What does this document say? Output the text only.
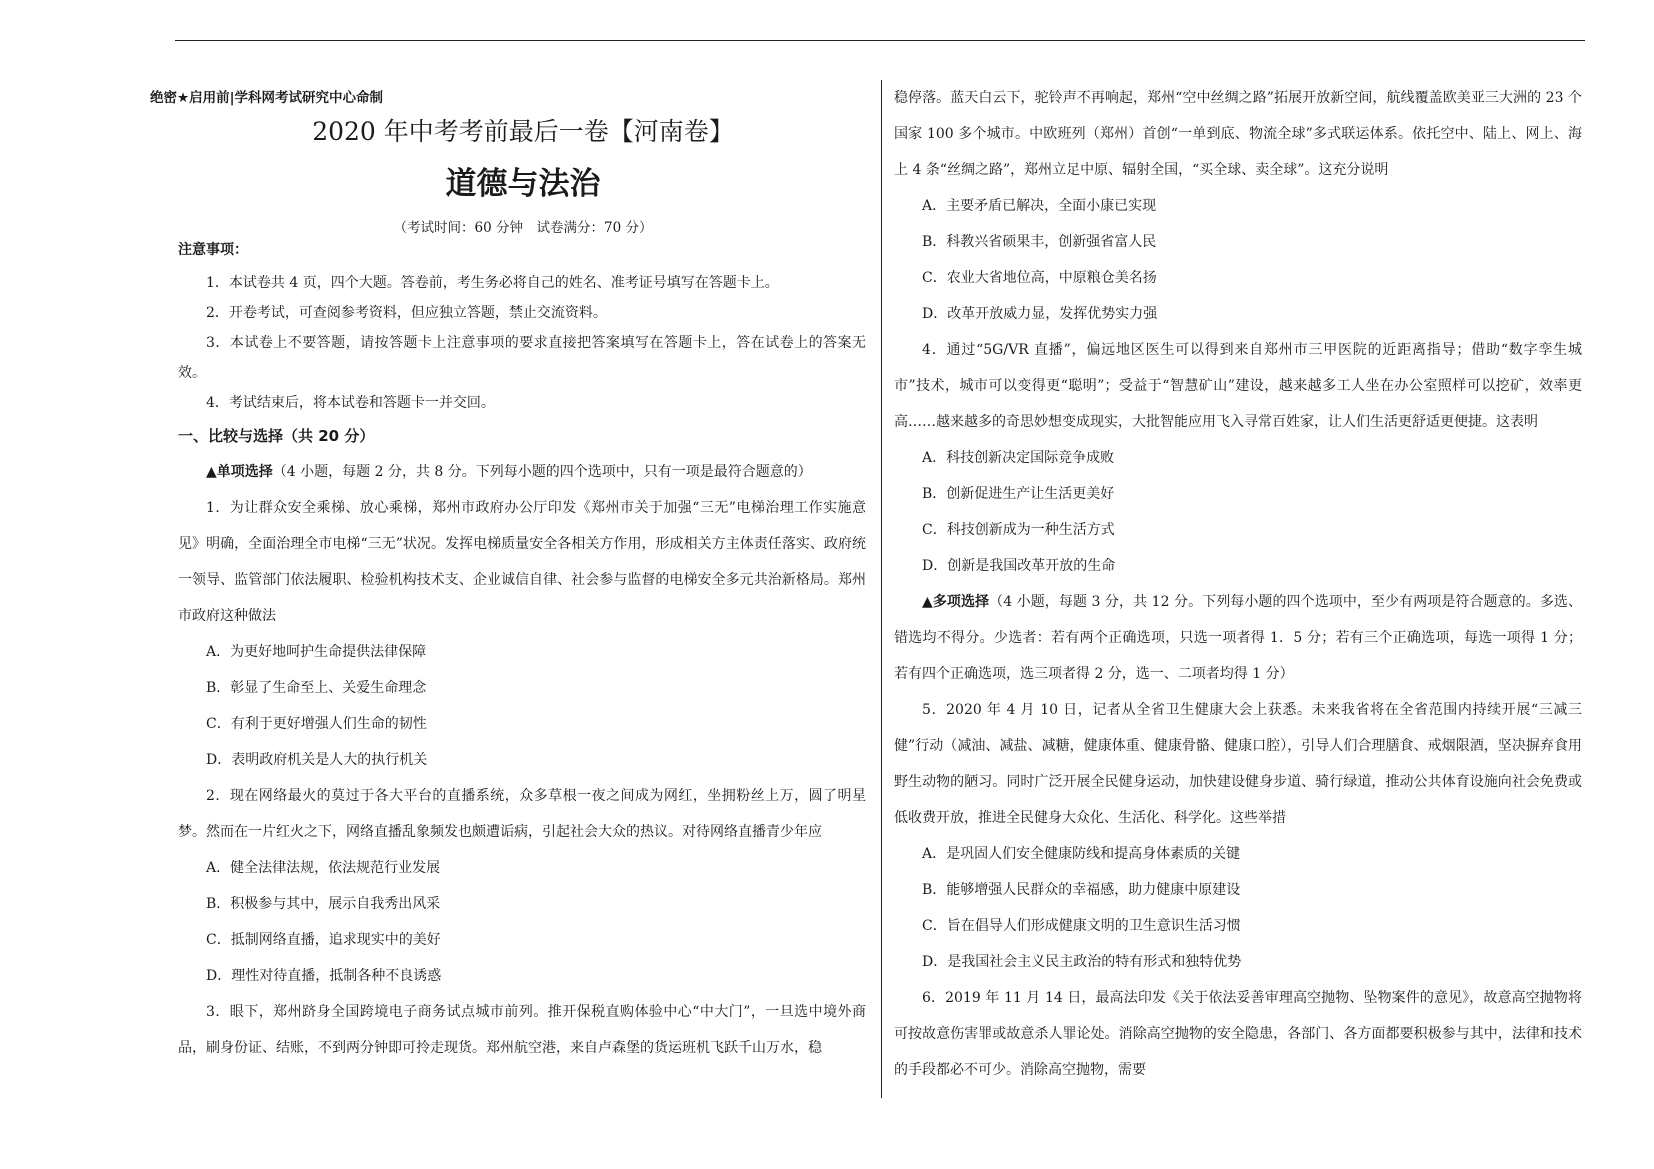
绝密★启用前|学科网考试研究中心命制
2020 年中考考前最后一卷【河南卷】
道德与法治
（考试时间：60 分钟　试卷满分：70 分）

注意事项：

1．本试卷共 4 页，四个大题。答卷前，考生务必将自己的姓名、准考证号填写在答题卡上。

2．开卷考试，可查阅参考资料，但应独立答题，禁止交流资料。

3．本试卷上不要答题，请按答题卡上注意事项的要求直接把答案填写在答题卡上，答在试卷上的答案无效。

4．考试结束后，将本试卷和答题卡一并交回。

一、比较与选择（共 20 分）

▲单项选择（4 小题，每题 2 分，共 8 分。下列每小题的四个选项中，只有一项是最符合题意的）

1．为让群众安全乘梯、放心乘梯，郑州市政府办公厅印发《郑州市关于加强“三无”电梯治理工作实施意见》明确，全面治理全市电梯“三无”状况。发挥电梯质量安全各相关方作用，形成相关方主体责任落实、政府统一领导、监管部门依法履职、检验机构技术支、企业诚信自律、社会参与监督的电梯安全多元共治新格局。郑州市政府这种做法

A．为更好地呵护生命提供法律保障

B．彰显了生命至上、关爱生命理念

C．有利于更好增强人们生命的韧性

D．表明政府机关是人大的执行机关

2．现在网络最火的莫过于各大平台的直播系统，众多草根一夜之间成为网红，坐拥粉丝上万，圆了明星梦。然而在一片红火之下，网络直播乱象频发也颇遭诟病，引起社会大众的热议。对待网络直播青少年应

A．健全法律法规，依法规范行业发展

B．积极参与其中，展示自我秀出风采

C．抵制网络直播，追求现实中的美好

D．理性对待直播，抵制各种不良诱惑

3．眼下，郑州跻身全国跨境电子商务试点城市前列。推开保税直购体验中心“中大门”，一旦选中境外商品，刷身份证、结账，不到两分钟即可拎走现货。郑州航空港，来自卢森堡的货运班机飞跃千山万水，稳

稳停落。蓝天白云下，驼铃声不再响起，郑州“空中丝绸之路”拓展开放新空间，航线覆盖欧美亚三大洲的 23 个国家 100 多个城市。中欧班列（郑州）首创“一单到底、物流全球”多式联运体系。依托空中、陆上、网上、海上 4 条“丝绸之路”，郑州立足中原、辐射全国，“买全球、卖全球”。这充分说明

A．主要矛盾已解决，全面小康已实现

B．科教兴省硕果丰，创新强省富人民

C．农业大省地位高，中原粮仓美名扬

D．改革开放威力显，发挥优势实力强

4．通过“5G/VR 直播”，偏远地区医生可以得到来自郑州市三甲医院的近距离指导；借助“数字孪生城市”技术，城市可以变得更“聪明”；受益于“智慧矿山”建设，越来越多工人坐在办公室照样可以挖矿，效率更高……越来越多的奇思妙想变成现实，大批智能应用飞入寻常百姓家，让人们生活更舒适更便捷。这表明

A．科技创新决定国际竞争成败

B．创新促进生产让生活更美好

C．科技创新成为一种生活方式

D．创新是我国改革开放的生命

▲多项选择（4 小题，每题 3 分，共 12 分。下列每小题的四个选项中，至少有两项是符合题意的。多选、错选均不得分。少选者：若有两个正确选项，只选一项者得 1．5 分；若有三个正确选项，每选一项得 1 分；若有四个正确选项，选三项者得 2 分，选一、二项者均得 1 分）

5．2020 年 4 月 10 日，记者从全省卫生健康大会上获悉。未来我省将在全省范围内持续开展“三减三健”行动（减油、减盐、减糖，健康体重、健康骨骼、健康口腔），引导人们合理膳食、戒烟限酒，坚决摒弃食用野生动物的陋习。同时广泛开展全民健身运动，加快建设健身步道、骑行绿道，推动公共体育设施向社会免费或低收费开放，推进全民健身大众化、生活化、科学化。这些举措

A．是巩固人们安全健康防线和提高身体素质的关键

B．能够增强人民群众的幸福感，助力健康中原建设

C．旨在倡导人们形成健康文明的卫生意识生活习惯

D．是我国社会主义民主政治的特有形式和独特优势

6．2019 年 11 月 14 日，最高法印发《关于依法妥善审理高空抛物、坠物案件的意见》，故意高空抛物将可按故意伤害罪或故意杀人罪论处。消除高空抛物的安全隐患，各部门、各方面都要积极参与其中，法律和技术的手段都必不可少。消除高空抛物，需要
